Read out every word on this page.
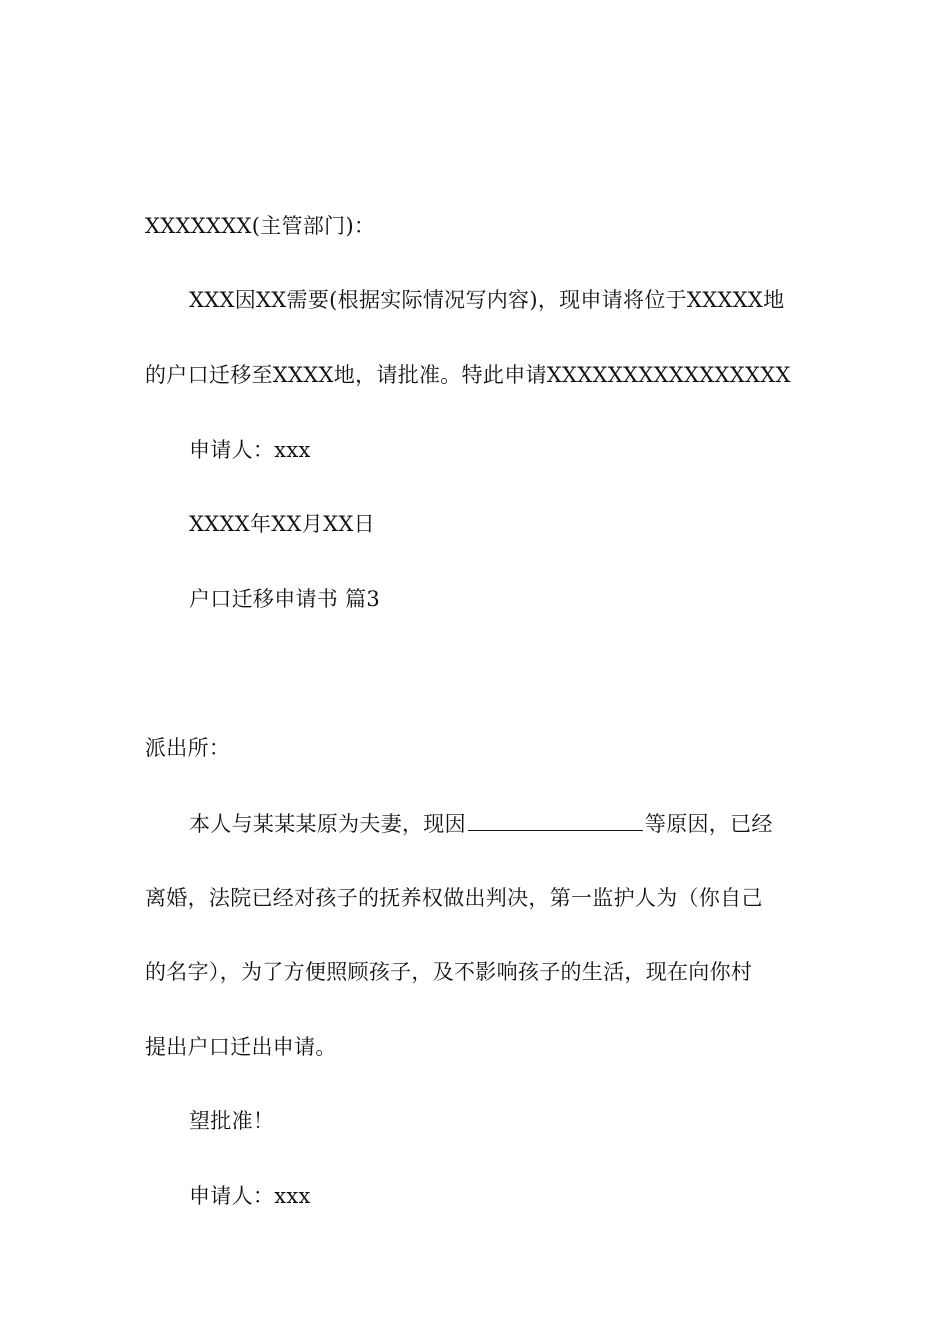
XXXXXXX(主管部门)：
XXX因XX需要(根据实际情况写内容)，现申请将位于XXXXX地
的户口迁移至XXXX地，请批准。特此申请XXXXXXXXXXXXXXXX
申请人：xxx
XXXX年XX月XX日
户口迁移申请书 篇3
派出所：
本人与某某某原为夫妻，现因	等原因，已经
离婚，法院已经对孩子的抚养权做出判决，第一监护人为（你自己
的名字），为了方便照顾孩子，及不影响孩子的生活，现在向你村
提出户口迁出申请。
望批准！
申请人：xxx
